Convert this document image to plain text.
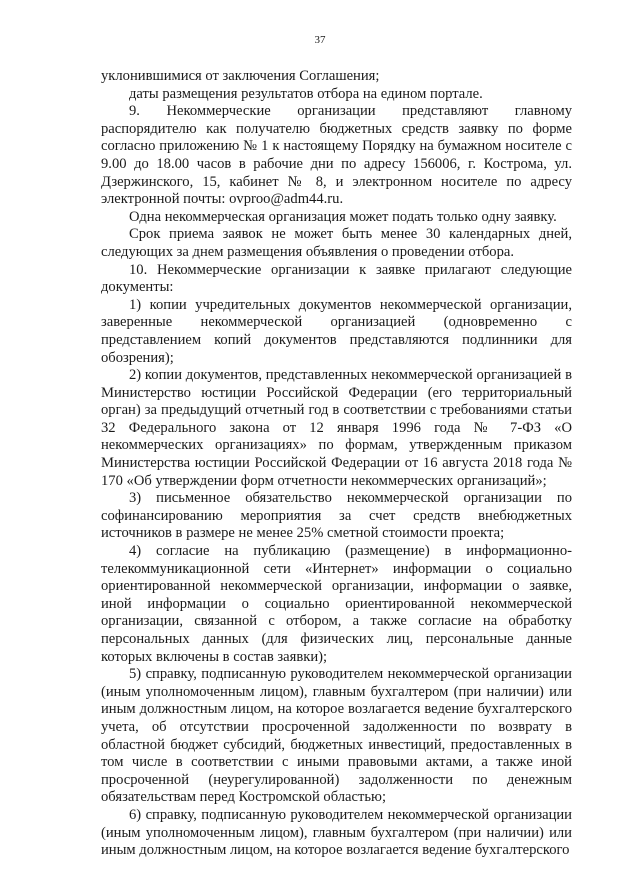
37

уклонившимися от заключения Соглашения;

даты размещения результатов отбора на едином портале.

9. Некоммерческие организации представляют главному распорядителю как получателю бюджетных средств заявку по форме согласно приложению № 1 к настоящему Порядку на бумажном носителе с 9.00 до 18.00 часов в рабочие дни по адресу 156006, г. Кострома, ул. Дзержинского, 15, кабинет № 8, и электронном носителе по адресу электронной почты: ovproo@adm44.ru.

Одна некоммерческая организация может подать только одну заявку.

Срок приема заявок не может быть менее 30 календарных дней, следующих за днем размещения объявления о проведении отбора.

10. Некоммерческие организации к заявке прилагают следующие документы:

1) копии учредительных документов некоммерческой организации, заверенные некоммерческой организацией (одновременно с представлением копий документов представляются подлинники для обозрения);

2) копии документов, представленных некоммерческой организацией в Министерство юстиции Российской Федерации (его территориальный орган) за предыдущий отчетный год в соответствии с требованиями статьи 32 Федерального закона от 12 января 1996 года № 7-ФЗ «О некоммерческих организациях» по формам, утвержденным приказом Министерства юстиции Российской Федерации от 16 августа 2018 года № 170 «Об утверждении форм отчетности некоммерческих организаций»;

3) письменное обязательство некоммерческой организации по софинансированию мероприятия за счет средств внебюджетных источников в размере не менее 25% сметной стоимости проекта;

4) согласие на публикацию (размещение) в информационно-телекоммуникационной сети «Интернет» информации о социально ориентированной некоммерческой организации, информации о заявке, иной информации о социально ориентированной некоммерческой организации, связанной с отбором, а также согласие на обработку персональных данных (для физических лиц, персональные данные которых включены в состав заявки);

5) справку, подписанную руководителем некоммерческой организации (иным уполномоченным лицом), главным бухгалтером (при наличии) или иным должностным лицом, на которое возлагается ведение бухгалтерского учета, об отсутствии просроченной задолженности по возврату в областной бюджет субсидий, бюджетных инвестиций, предоставленных в том числе в соответствии с иными правовыми актами, а также иной просроченной (неурегулированной) задолженности по денежным обязательствам перед Костромской областью;

6) справку, подписанную руководителем некоммерческой организации (иным уполномоченным лицом), главным бухгалтером (при наличии) или иным должностным лицом, на которое возлагается ведение бухгалтерского
